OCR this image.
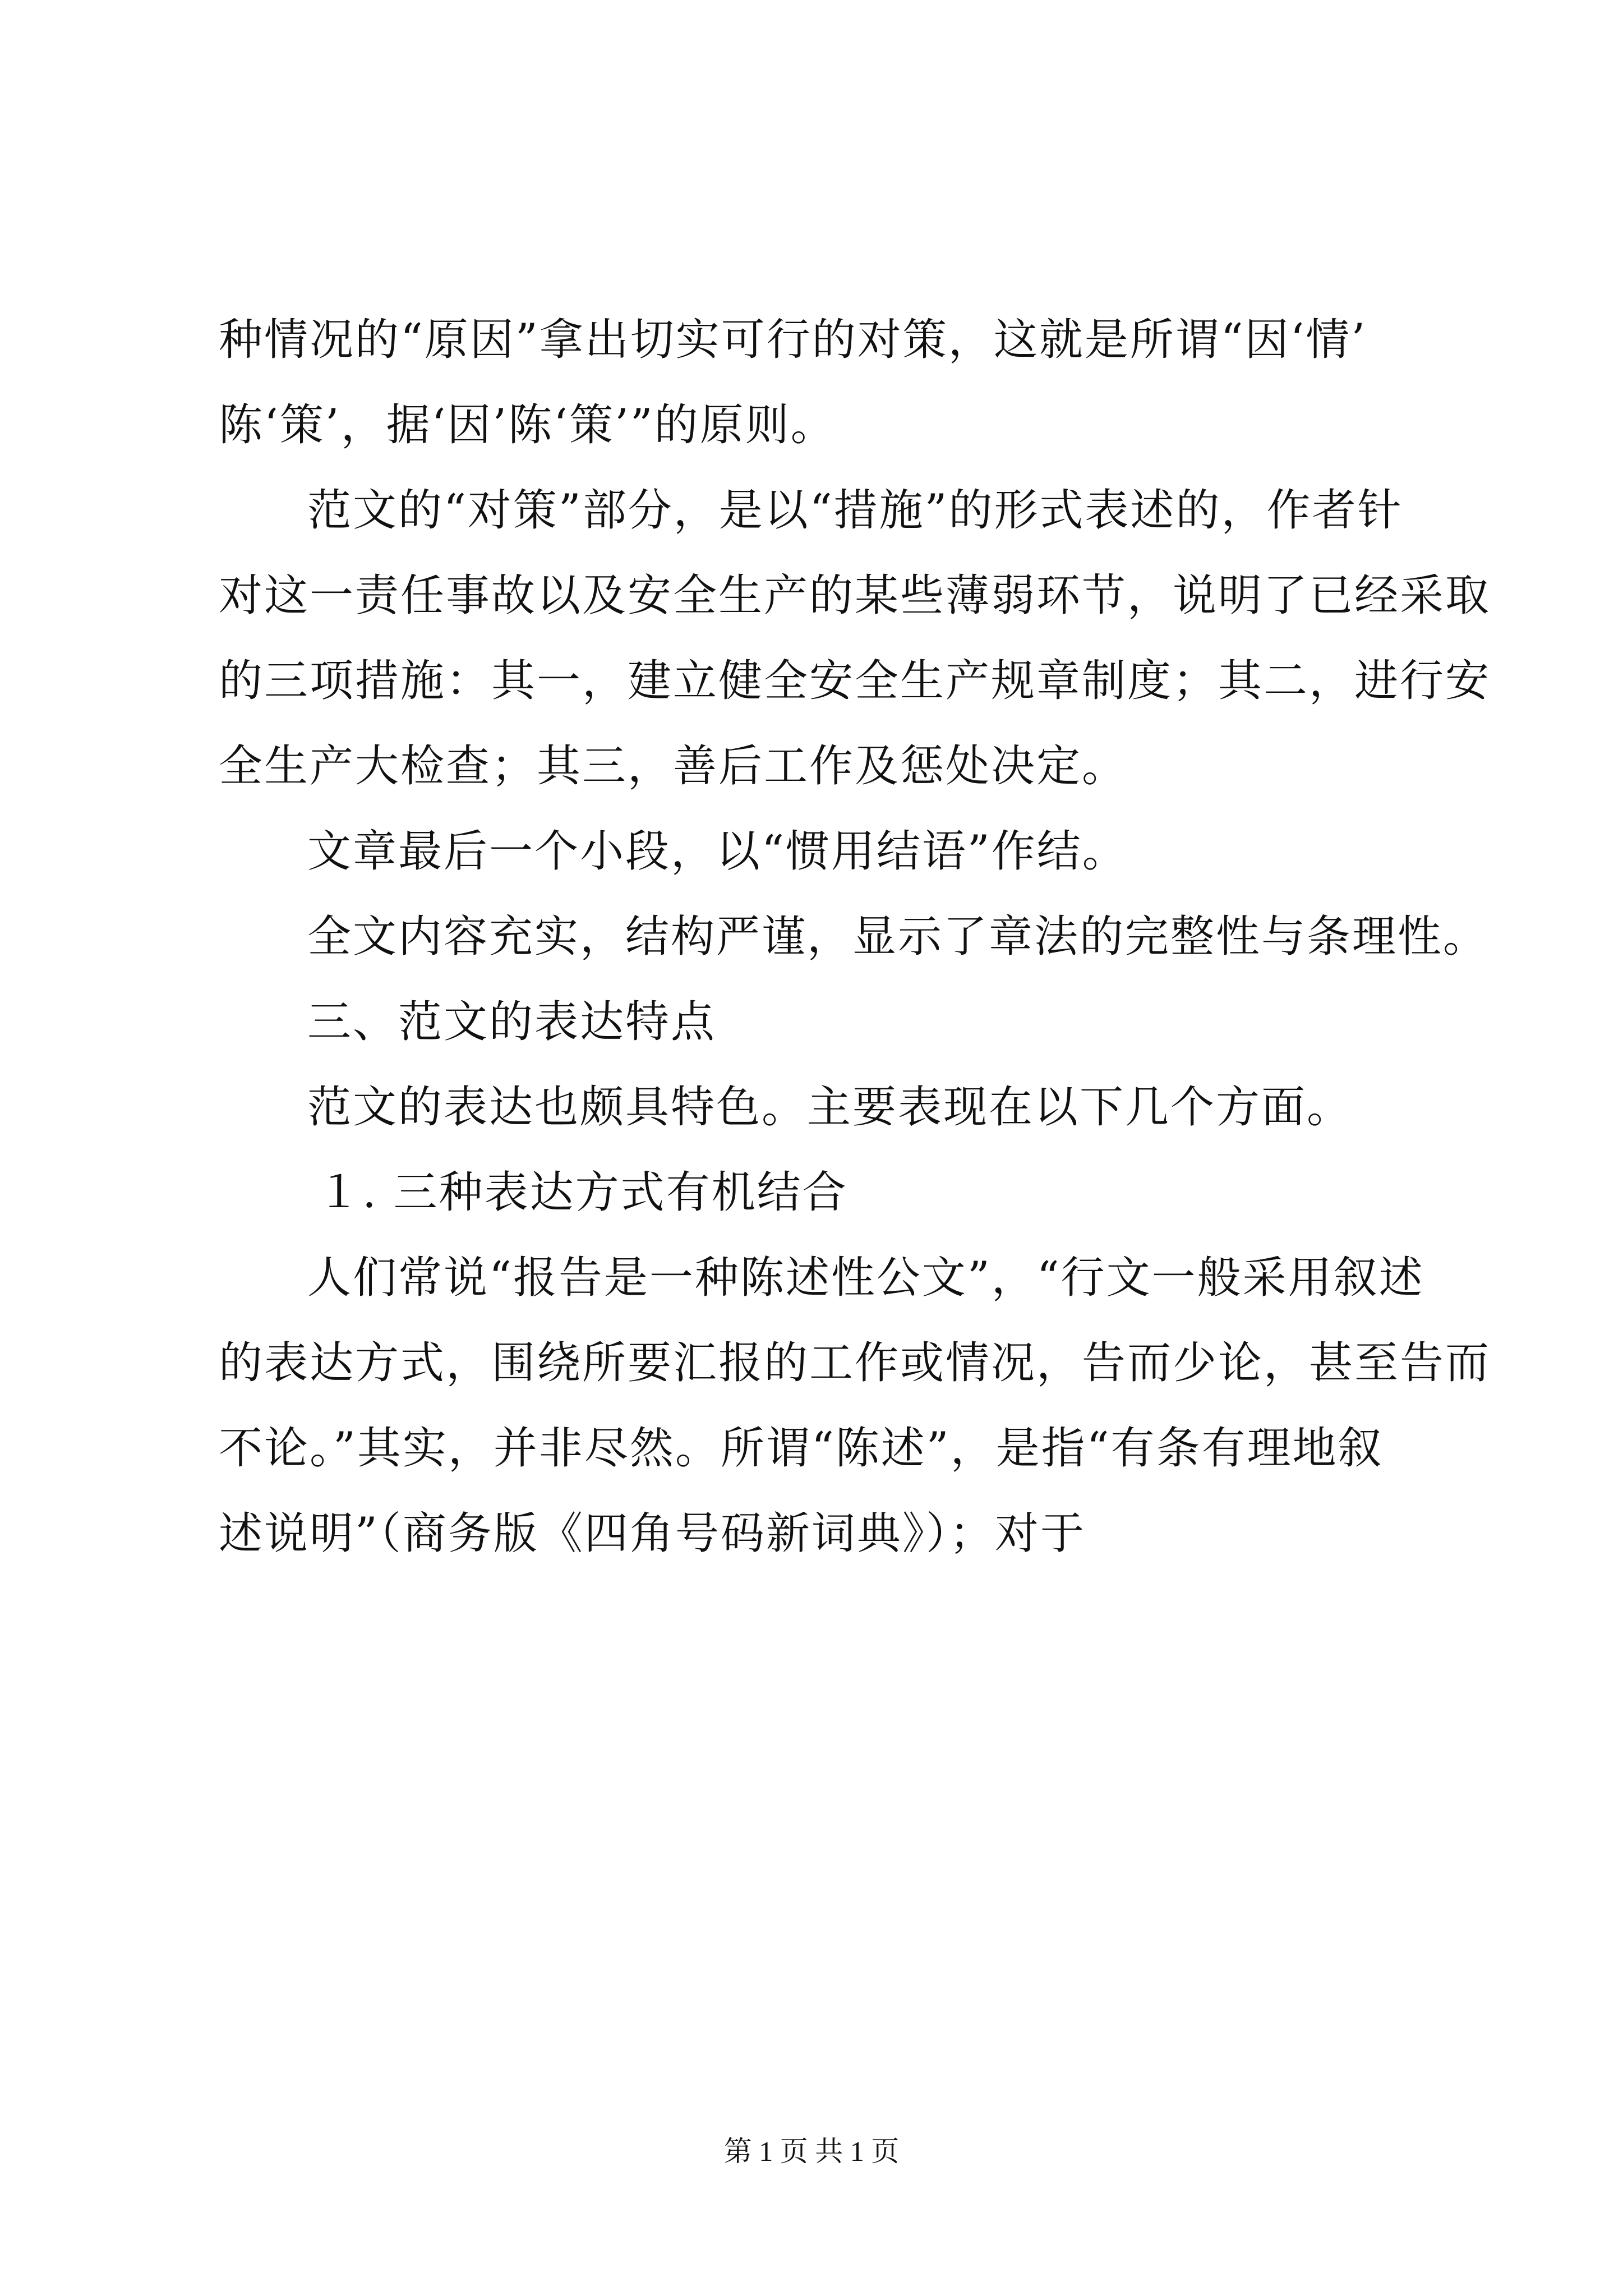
种情况的“原因”拿出切实可行的对策，这就是所谓“因‘情’
陈‘策’，据‘因’陈‘策’”的原则。
范文的“对策”部分，是以“措施”的形式表述的，作者针
对这一责任事故以及安全生产的某些薄弱环节，说明了已经采取
的三项措施：其一，建立健全安全生产规章制度；其二，进行安
全生产大检查；其三，善后工作及惩处决定。
文章最后一个小段，以“惯用结语”作结。
全文内容充实，结构严谨，显示了章法的完整性与条理性。
三、范文的表达特点
范文的表达也颇具特色。主要表现在以下几个方面。
１. 三种表达方式有机结合
人们常说“报告是一种陈述性公文”，“行文一般采用叙述
的表达方式，围绕所要汇报的工作或情况，告而少论，甚至告而
不论。”其实，并非尽然。所谓“陈述”，是指“有条有理地叙
述说明”（商务版《四角号码新词典》）；对于
第 1 页 共 1 页
